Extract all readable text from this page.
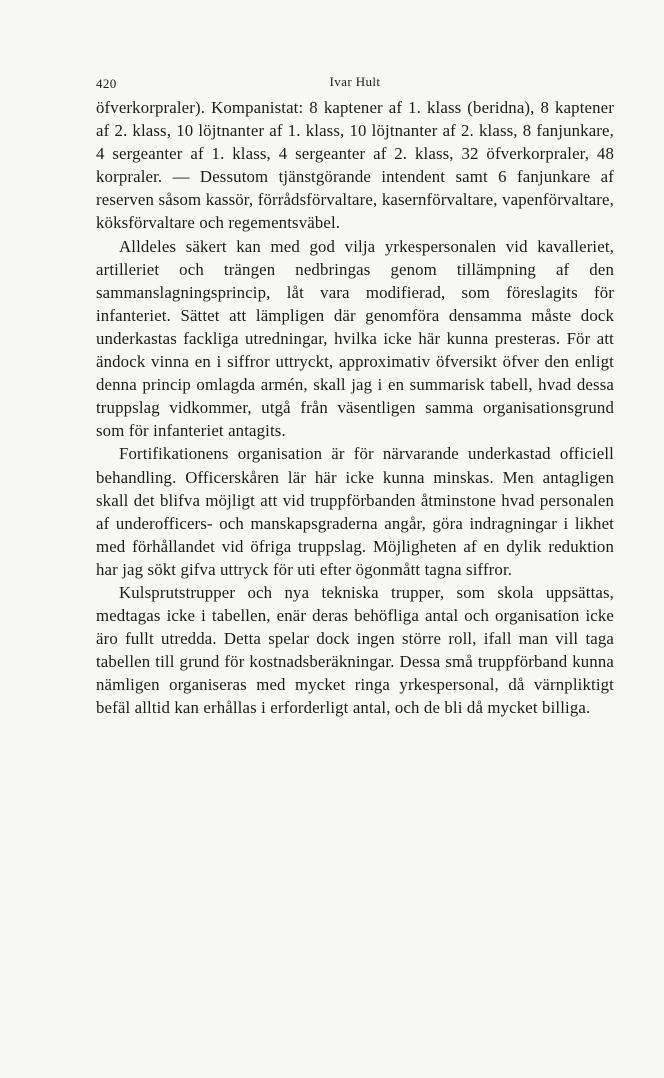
420	Ivar Hult

öfverkorpraler). Kompanistat: 8 kaptener af 1. klass (beridna), 8 kaptener af 2. klass, 10 löjtnanter af 1. klass, 10 löjtnanter af 2. klass, 8 fanjunkare, 4 sergeanter af 1. klass, 4 sergeanter af 2. klass, 32 öfverkorpraler, 48 korpraler. — Dessutom tjänstgörande intendent samt 6 fanjunkare af reserven såsom kassör, förrådsförvaltare, kasernförvaltare, vapenförvaltare, köksförvaltare och regementsväbel.

Alldeles säkert kan med god vilja yrkespersonalen vid kavalleriet, artilleriet och trängen nedbringas genom tillämpning af den sammanslagningsprincip, låt vara modifierad, som föreslagits för infanteriet. Sättet att lämpligen där genomföra densamma måste dock underkastas fackliga utredningar, hvilka icke här kunna presteras. För att ändock vinna en i siffror uttryckt, approximativ öfversikt öfver den enligt denna princip omlagda armén, skall jag i en summarisk tabell, hvad dessa truppslag vidkommer, utgå från väsentligen samma organisationsgrund som för infanteriet antagits.

Fortifikationens organisation är för närvarande underkastad officiell behandling. Officerskåren lär här icke kunna minskas. Men antagligen skall det blifva möjligt att vid truppförbanden åtminstone hvad personalen af underofficers- och manskapsgraderna angår, göra indragningar i likhet med förhållandet vid öfriga truppslag. Möjligheten af en dylik reduktion har jag sökt gifva uttryck för uti efter ögonmått tagna siffror.

Kulsprutstrupper och nya tekniska trupper, som skola uppsättas, medtagas icke i tabellen, enär deras behöfliga antal och organisation icke äro fullt utredda. Detta spelar dock ingen större roll, ifall man vill taga tabellen till grund för kostnadsberäkningar. Dessa små truppförband kunna nämligen organiseras med mycket ringa yrkespersonal, då värnpliktigt befäl alltid kan erhållas i erforderligt antal, och de bli då mycket billiga.
